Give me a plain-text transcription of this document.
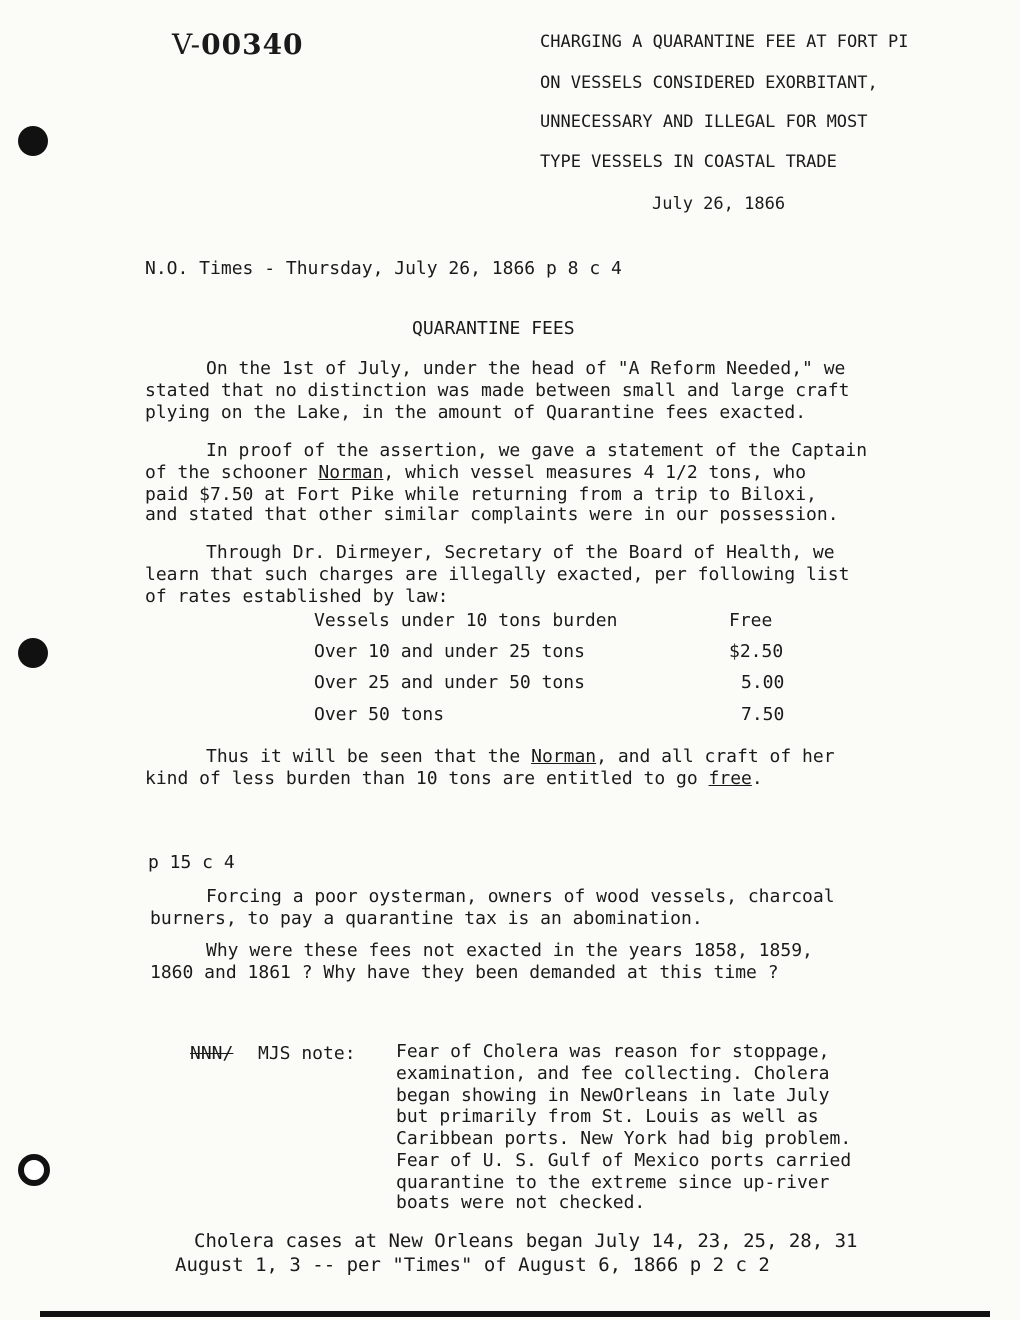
V-00340	CHARGING A QUARANTINE FEE AT FORT PI
ON VESSELS CONSIDERED EXORBITANT,
UNNECESSARY AND ILLEGAL FOR MOST
TYPE VESSELS IN COASTAL TRADE
July 26, 1866
N.O. Times - Thursday, July 26, 1866 p 8 c 4
QUARANTINE FEES
On the 1st of July, under the head of "A Reform Needed," we
stated that no distinction was made between small and large craft
plying on the Lake, in the amount of Quarantine fees exacted.
In proof of the assertion, we gave a statement of the Captain
of the schooner Norman, which vessel measures 4 1/2 tons, who
paid $7.50 at Fort Pike while returning from a trip to Biloxi,
and stated that other similar complaints were in our possession.
Through Dr. Dirmeyer, Secretary of the Board of Health, we
learn that such charges are illegally exacted, per following list
of rates established by law:
Vessels under 10 tons burden	Free
Over 10 and under 25 tons	$2.50
Over 25 and under 50 tons	5.00
Over 50 tons	7.50
Thus it will be seen that the Norman, and all craft of her
kind of less burden than 10 tons are entitled to go free.
p 15 c 4
Forcing a poor oysterman, owners of wood vessels, charcoal
burners, to pay a quarantine tax is an abomination.
Why were these fees not exacted in the years 1858, 1859,
1860 and 1861 ? Why have they been demanded at this time ?
NNN/ MJS note: Fear of Cholera was reason for stoppage,
examination, and fee collecting. Cholera
began showing in NewOrleans in late July
but primarily from St. Louis as well as
Caribbean ports. New York had big problem.
Fear of U. S. Gulf of Mexico ports carried
quarantine to the extreme since up-river
boats were not checked.
Cholera cases at New Orleans began July 14, 23, 25, 28, 31
August 1, 3 -- per "Times" of August 6, 1866 p 2 c 2
